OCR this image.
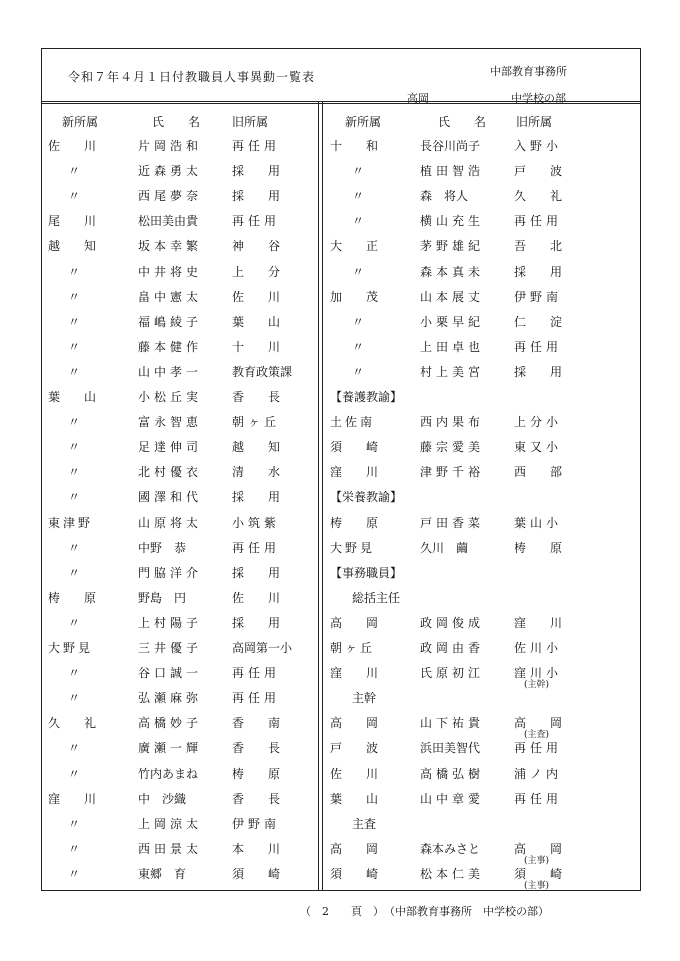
令和７年４月１日付教職員人事異動一覧表	中部教育事務所
高岡	中学校の部
新所属	氏　　名	旧所属	新所属	氏　　名 旧所属
佐　　川	片岡浩和 再任用
〃	近森勇太 採　　用
〃	西尾夢奈 採　　用
尾　　川	松田美由貴	再任用
越　　知	坂本幸繁 神　　谷
〃	中井将史 上　　分
〃	畠中憲太 佐　　川
〃	福嶋綾子 葉　　山
〃	藤本健作 十　　川
〃	山中孝一 教育政策課
葉　　山	小松丘実 香　　長
〃	富永智恵 朝ヶ丘
〃	足達伸司 越　　知
〃	北村優衣 清　　水
〃	國澤和代 採　　用
東津野	山原将太 小筑紫
〃	中野　恭	再任用
〃	門脇洋介 採　　用
梼　　原	野島　円	佐　　川
〃	上村陽子 採　　用
大野見	三井優子 高岡第一小
〃	谷口誠一 再任用
〃	弘瀬麻弥 再任用
久　　礼	高橋妙子 香　　南
〃	廣瀬一輝 香　　長
〃	竹内あまね	梼　　原
窪　　川	中　沙織	香　　長
〃	上岡涼太 伊野南
〃	西田景太 本　　川
〃	東郷　育	須　　崎
十　　和	長谷川尚子	入野小
〃	植田智浩 戸　　波
〃	森　将人	久　　礼
〃	横山充生 再任用
大　　正	茅野雄紀 吾　　北
〃	森本真未 採　　用
加　　茂	山本展丈 伊野南
〃	小栗早紀 仁　　淀
〃	上田卓也 再任用
〃	村上美宮 採　　用
【養護教諭】
土佐南	西内果布 上分小
須　　崎	藤宗愛美 東又小
窪　　川	津野千裕 西　　部
【栄養教諭】
梼　　原	戸田香菜 葉山小
大野見	久川　繭	梼　　原
【事務職員】
総括主任
高　　岡	政岡俊成 窪　　川
朝ヶ丘	政岡由香 佐川小
窪　　川	氏原初江 窪川小
(主幹)
主幹
高　　岡	山下祐貴 高　　岡
(主査)
戸　　波	浜田美智代	再任用
佐　　川	高橋弘樹 浦ノ内
葉　　山	山中章愛 再任用
主査
高　　岡	森本みさと	高　　岡
(主事)
須　　崎	松本仁美 須　　崎
(主事)
（　2　　頁　）　（中部教育事務所　中学校の部）
